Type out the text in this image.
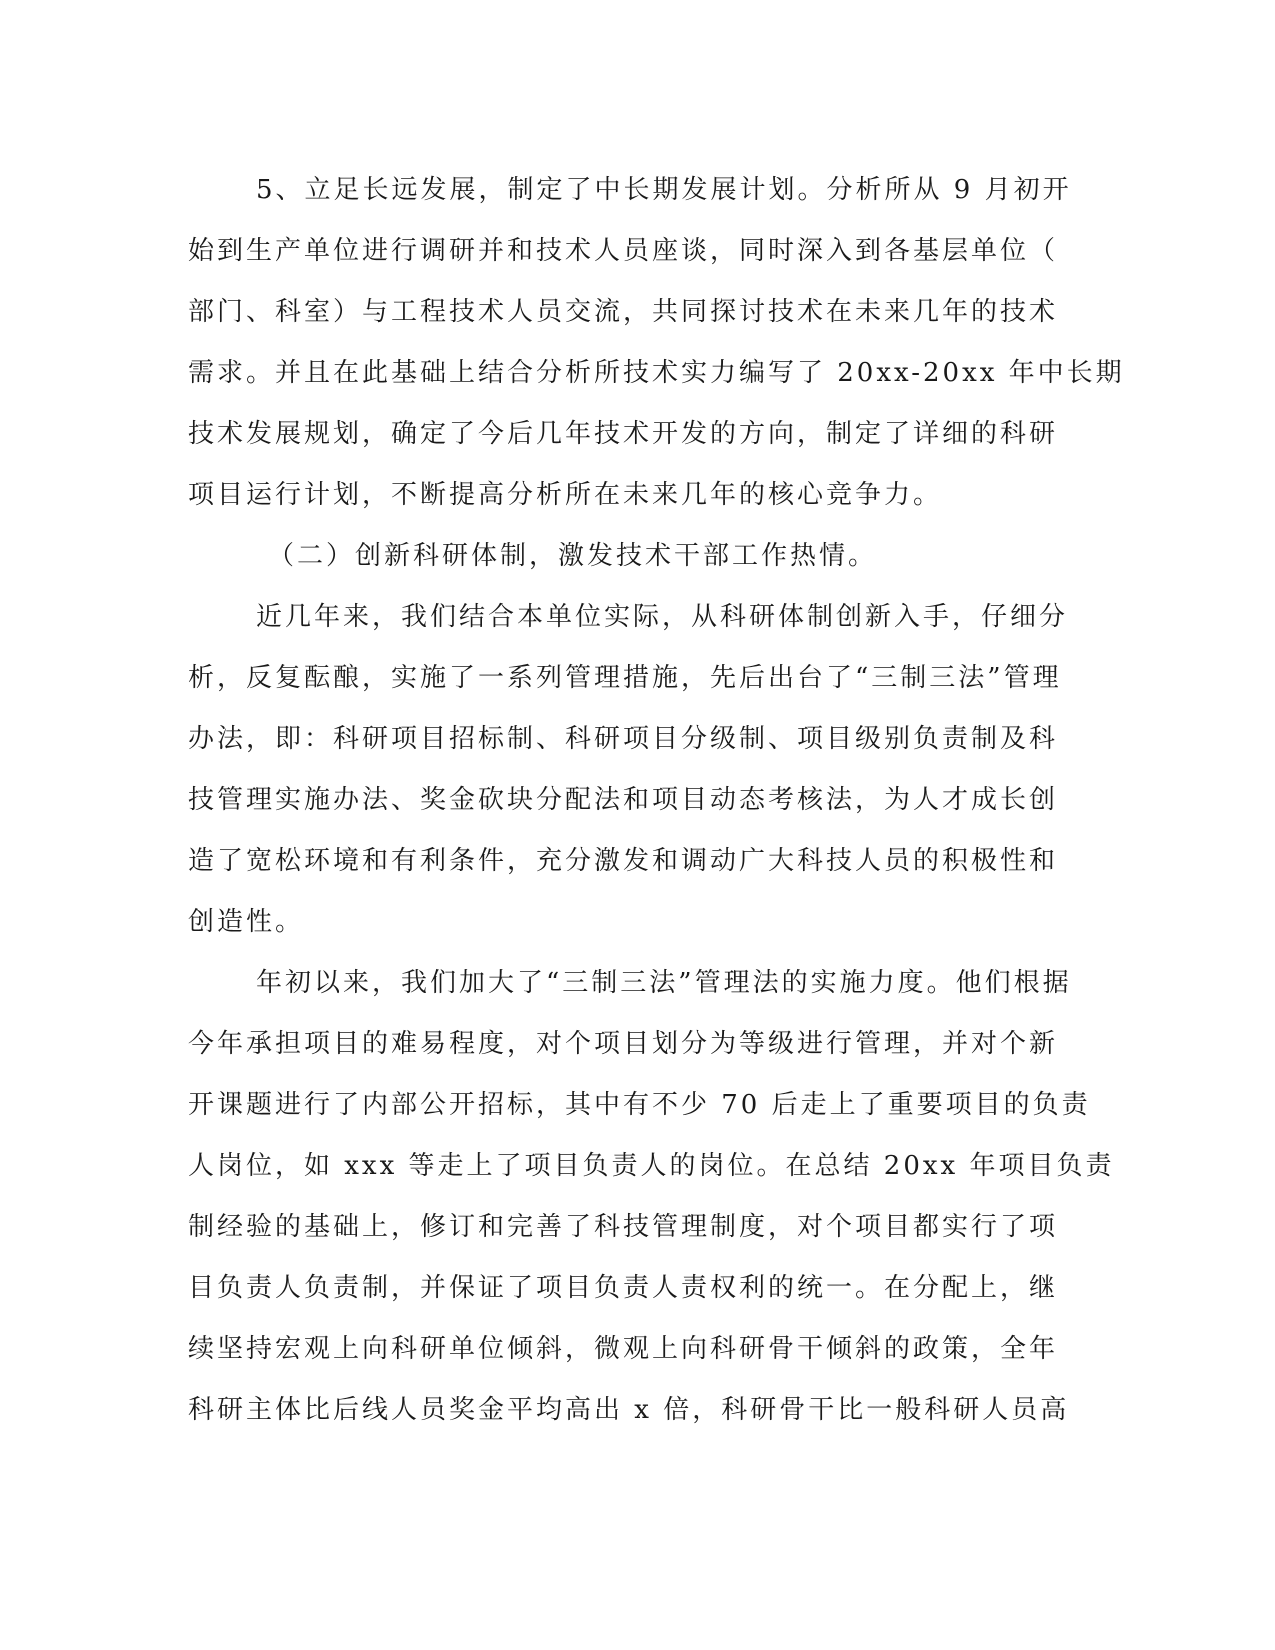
5、立足长远发展，制定了中长期发展计划。分析所从 9 月初开
始到生产单位进行调研并和技术人员座谈，同时深入到各基层单位（
部门、科室）与工程技术人员交流，共同探讨技术在未来几年的技术
需求。并且在此基础上结合分析所技术实力编写了 20xx-20xx 年中长期
技术发展规划，确定了今后几年技术开发的方向，制定了详细的科研
项目运行计划，不断提高分析所在未来几年的核心竞争力。
（二）创新科研体制，激发技术干部工作热情。
近几年来，我们结合本单位实际，从科研体制创新入手，仔细分
析，反复酝酿，实施了一系列管理措施，先后出台了“三制三法”管理
办法，即：科研项目招标制、科研项目分级制、项目级别负责制及科
技管理实施办法、奖金砍块分配法和项目动态考核法，为人才成长创
造了宽松环境和有利条件，充分激发和调动广大科技人员的积极性和
创造性。
年初以来，我们加大了“三制三法”管理法的实施力度。他们根据
今年承担项目的难易程度，对个项目划分为等级进行管理，并对个新
开课题进行了内部公开招标，其中有不少 70 后走上了重要项目的负责
人岗位，如 xxx 等走上了项目负责人的岗位。在总结 20xx 年项目负责
制经验的基础上，修订和完善了科技管理制度，对个项目都实行了项
目负责人负责制，并保证了项目负责人责权利的统一。在分配上，继
续坚持宏观上向科研单位倾斜，微观上向科研骨干倾斜的政策，全年
科研主体比后线人员奖金平均高出 x 倍，科研骨干比一般科研人员高
